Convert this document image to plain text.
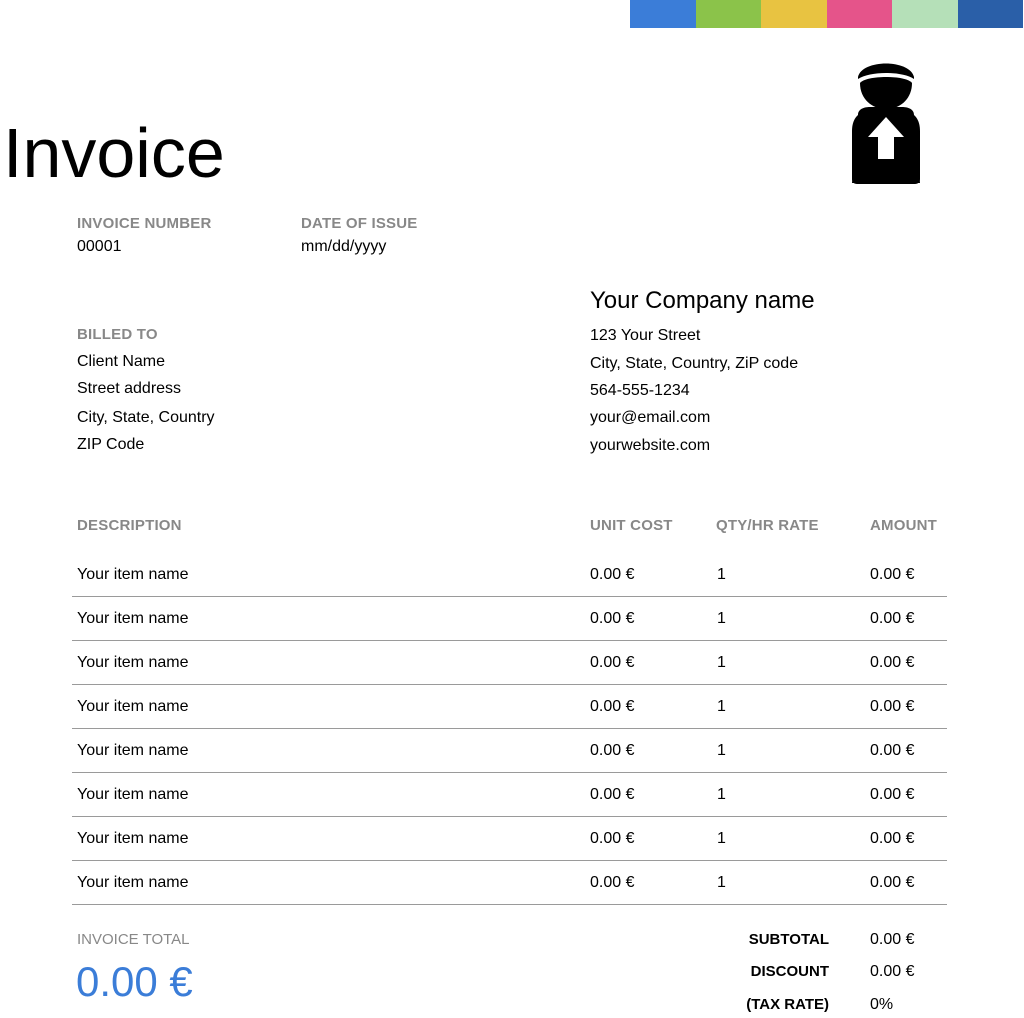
Invoice
INVOICE NUMBER
00001
DATE OF ISSUE
mm/dd/yyyy
BILLED TO
Client Name
Street address
City, State, Country
ZIP Code
Your Company name
123 Your Street
City, State, Country, ZiP code
564-555-1234
your@email.com
yourwebsite.com
DESCRIPTION	UNIT COST	QTY/HR RATE	AMOUNT
Your item name	0.00 €	1	0.00 €
Your item name	0.00 €	1	0.00 €
Your item name	0.00 €	1	0.00 €
Your item name	0.00 €	1	0.00 €
Your item name	0.00 €	1	0.00 €
Your item name	0.00 €	1	0.00 €
Your item name	0.00 €	1	0.00 €
Your item name	0.00 €	1	0.00 €
INVOICE TOTAL
0.00 €
SUBTOTAL	0.00 €
DISCOUNT	0.00 €
(TAX RATE)	0%
